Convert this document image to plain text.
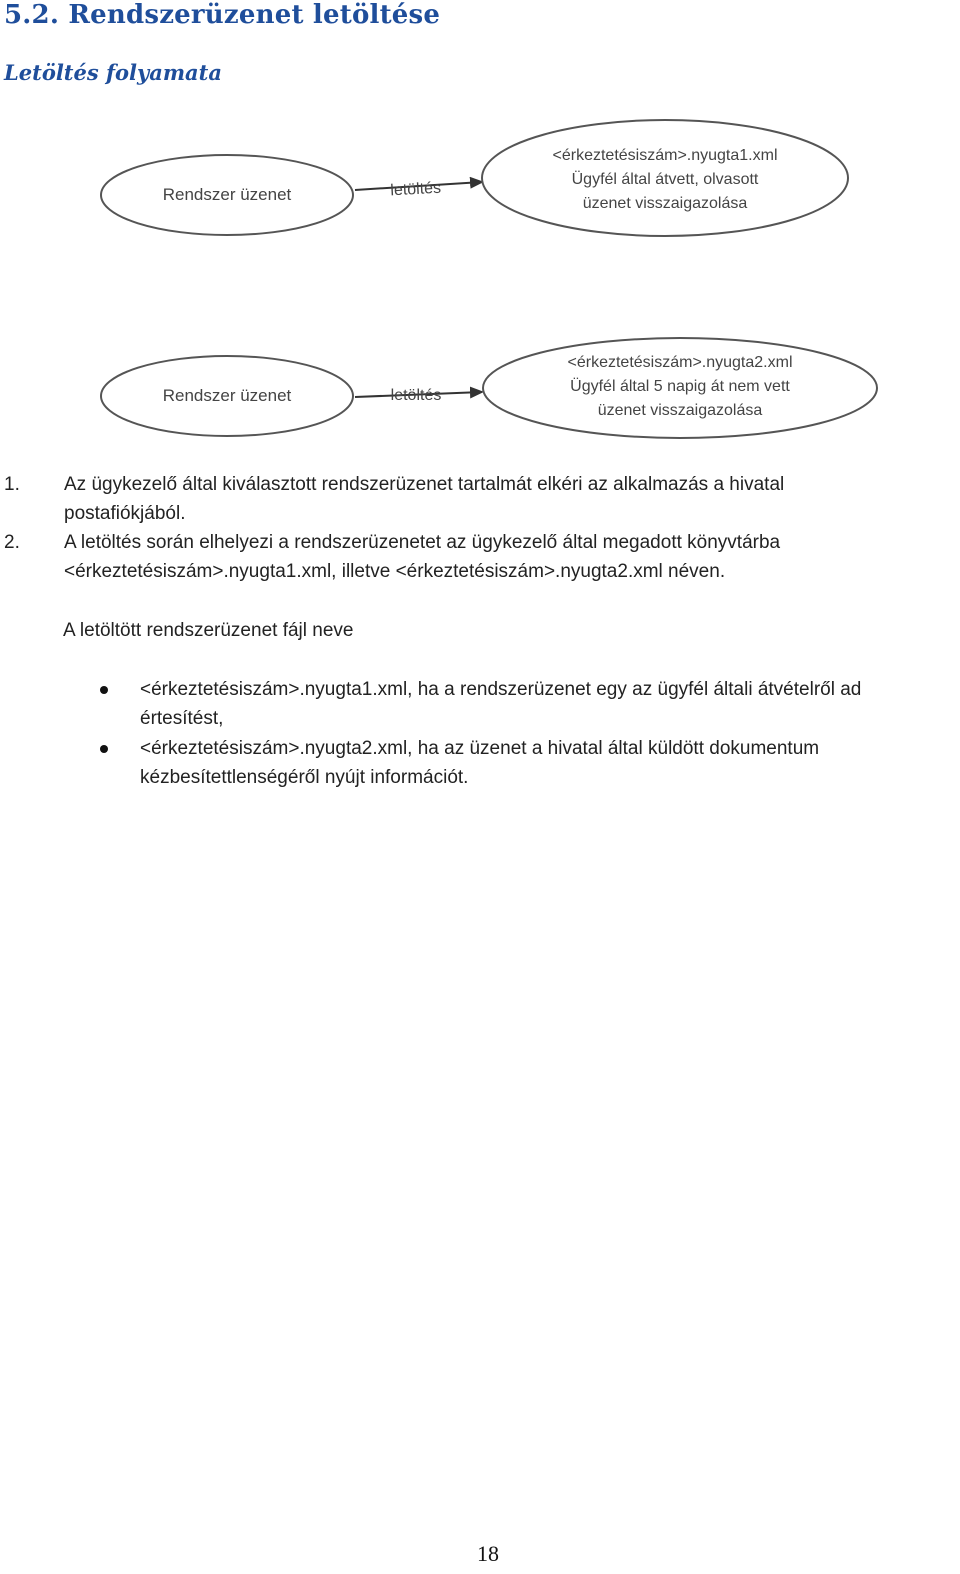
5.2. Rendszerüzenet letöltése
Letöltés folyamata
Rendszer üzenet	letöltés
<érkeztetésiszám>.nyugta1.xml
Ügyfél által átvett, olvasott
üzenet visszaigazolása
Rendszer üzenet	letöltés
<érkeztetésiszám>.nyugta2.xml
Ügyfél által 5 napig át nem vett
üzenet visszaigazolása
1. Az ügykezelő által kiválasztott rendszerüzenet tartalmát elkéri az alkalmazás a hivatal
postafiókjából.
2. A letöltés során elhelyezi a rendszerüzenetet az ügykezelő által megadott könyvtárba
<érkeztetésiszám>.nyugta1.xml, illetve <érkeztetésiszám>.nyugta2.xml néven.
A letöltött rendszerüzenet fájl neve
<érkeztetésiszám>.nyugta1.xml, ha a rendszerüzenet egy az ügyfél általi átvételről ad
értesítést,
<érkeztetésiszám>.nyugta2.xml, ha az üzenet a hivatal által küldött dokumentum
kézbesítettlenségéről nyújt információt.
18
